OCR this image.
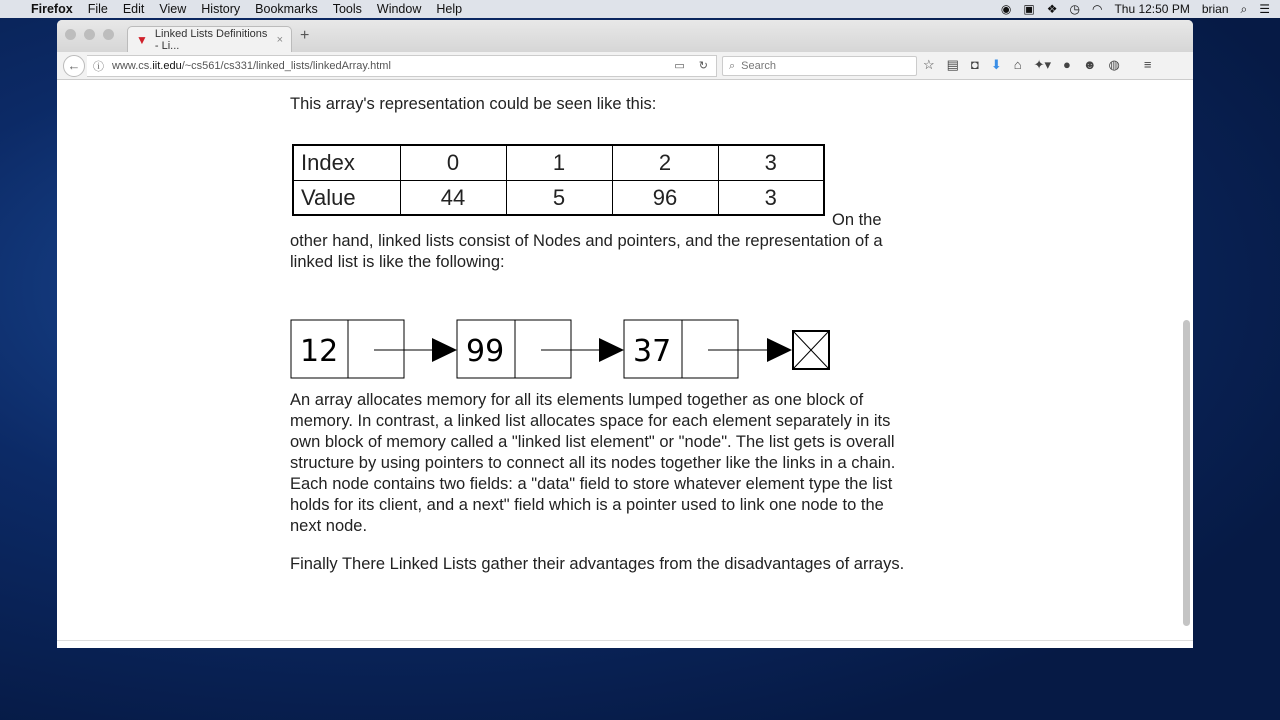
Firefox File Edit View History Bookmarks Tools Window Help	◉ ▣ ❖ ◷ ◠ Thu 12:50 PM brian ⌕ ☰
▼ Linked Lists Definitions - Li...	× +
←	ⓘ www.cs.iit.edu/~cs561/cs331/linked_lists/linkedArray.html	▭ ↻ ⌕ Search	☆ ▤ ◘ ⬇ ⌂ ✦▾ ● ☻ ◍ ≡
This array's representation could be seen like this:
Index	0	1	2	3
Value	44	5	96	3
On the
other hand, linked lists consist of Nodes and pointers, and the representation of a linked list is like the following:
12	99	37
An array allocates memory for all its elements lumped together as one block of memory. In contrast, a linked list allocates space for each element separately in its own block of memory called a "linked list element" or "node". The list gets is overall structure by using pointers to connect all its nodes together like the links in a chain. Each node contains two fields: a "data" field to store whatever element type the list holds for its client, and a next" field which is a pointer used to link one node to the next node.
Finally There Linked Lists gather their advantages from the disadvantages of arrays.
